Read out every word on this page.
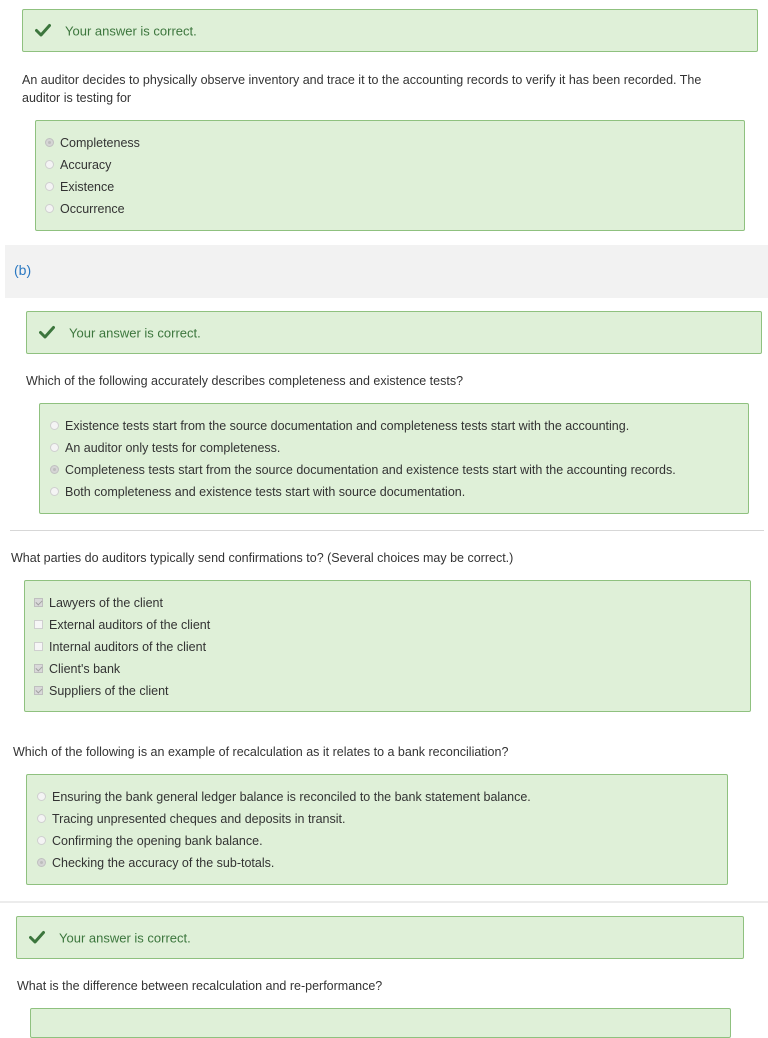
Your answer is correct.
An auditor decides to physically observe inventory and trace it to the accounting records to verify it has been recorded. The auditor is testing for
Completeness
Accuracy
Existence
Occurrence
(b)
Your answer is correct.
Which of the following accurately describes completeness and existence tests?
Existence tests start from the source documentation and completeness tests start with the accounting.
An auditor only tests for completeness.
Completeness tests start from the source documentation and existence tests start with the accounting records.
Both completeness and existence tests start with source documentation.
What parties do auditors typically send confirmations to? (Several choices may be correct.)
Lawyers of the client
External auditors of the client
Internal auditors of the client
Client's bank
Suppliers of the client
Which of the following is an example of recalculation as it relates to a bank reconciliation?
Ensuring the bank general ledger balance is reconciled to the bank statement balance.
Tracing unpresented cheques and deposits in transit.
Confirming the opening bank balance.
Checking the accuracy of the sub-totals.
Your answer is correct.
What is the difference between recalculation and re-performance?
